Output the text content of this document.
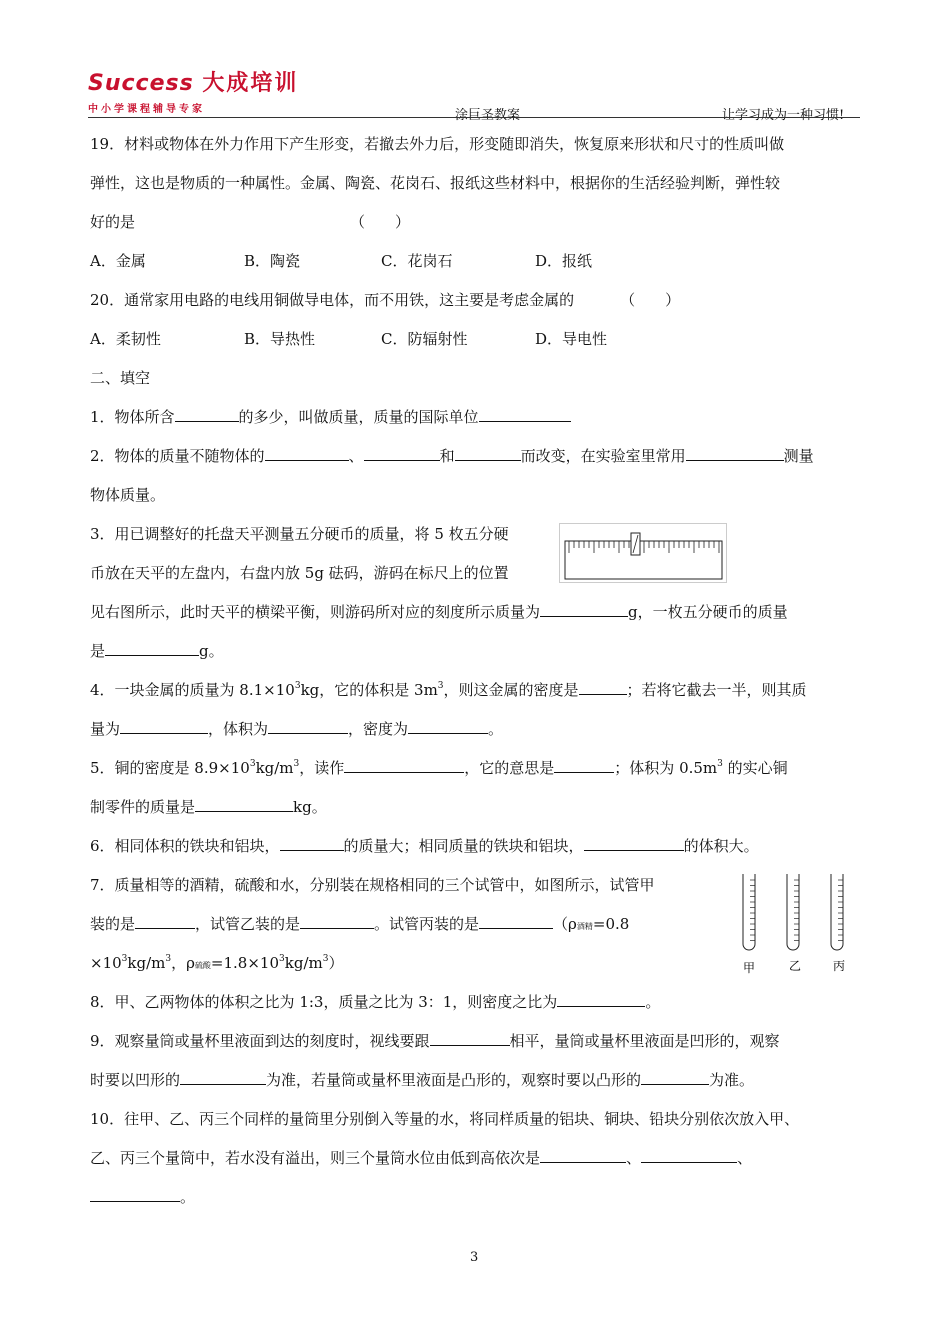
Success 大成培训
中小学课程辅导专家	涂巨圣教案	让学习成为一种习惯!
19．材料或物体在外力作用下产生形变，若撤去外力后，形变随即消失，恢复原来形状和尺寸的性质叫做
弹性，这也是物质的一种属性。金属、陶瓷、花岗石、报纸这些材料中，根据你的生活经验判断，弹性较
好的是	（　　）
A．金属	B．陶瓷	C．花岗石	D．报纸
20．通常家用电路的电线用铜做导电体，而不用铁，这主要是考虑金属的	（　　）
A．柔韧性	B．导热性	C．防辐射性	D．导电性
二、填空
1．物体所含	的多少，叫做质量，质量的国际单位
2．物体的质量不随物体的	、	和	而改变，在实验室里常用	测量
物体质量。
3．用已调整好的托盘天平测量五分硬币的质量，将 5 枚五分硬
币放在天平的左盘内，右盘内放 5g 砝码，游码在标尺上的位置
见右图所示，此时天平的横梁平衡，则游码所对应的刻度所示质量为	g，一枚五分硬币的质量
是	g。
4．一块金属的质量为 $8.1\times 10^3kg$，它的体积是 $3m^3$，则这金属的密度是	；若将它截去一半，则其质
量为	，体积为	，密度为	。
5．铜的密度是 $8.9\times 10^3kg/m^3$，读作	，它的意思是	；体积为 $0.5m^3$ 的实心铜
制零件的质量是	kg。
6．相同体积的铁块和铝块，	的质量大；相同质量的铁块和铝块，	的体积大。
7．质量相等的酒精，硫酸和水，分别装在规格相同的三个试管中，如图所示，试管甲
装的是	，试管乙装的是	。试管丙装的是	（ρ酒精=0.8
$\times 10^3kg/m^3$，ρ硫酸$=1.8\times 10^3kg/m^3$）
8．甲、乙两物体的体积之比为 1:3，质量之比为 3：1，则密度之比为	。
9．观察量筒或量杯里液面到达的刻度时，视线要跟	相平，量筒或量杯里液面是凹形的，观察
时要以凹形的	为准，若量筒或量杯里液面是凸形的，观察时要以凸形的	为准。
10．往甲、乙、丙三个同样的量筒里分别倒入等量的水，将同样质量的铝块、铜块、铅块分别依次放入甲、
乙、丙三个量筒中，若水没有溢出，则三个量筒水位由低到高依次是	、	、
。
甲	乙	丙
3
